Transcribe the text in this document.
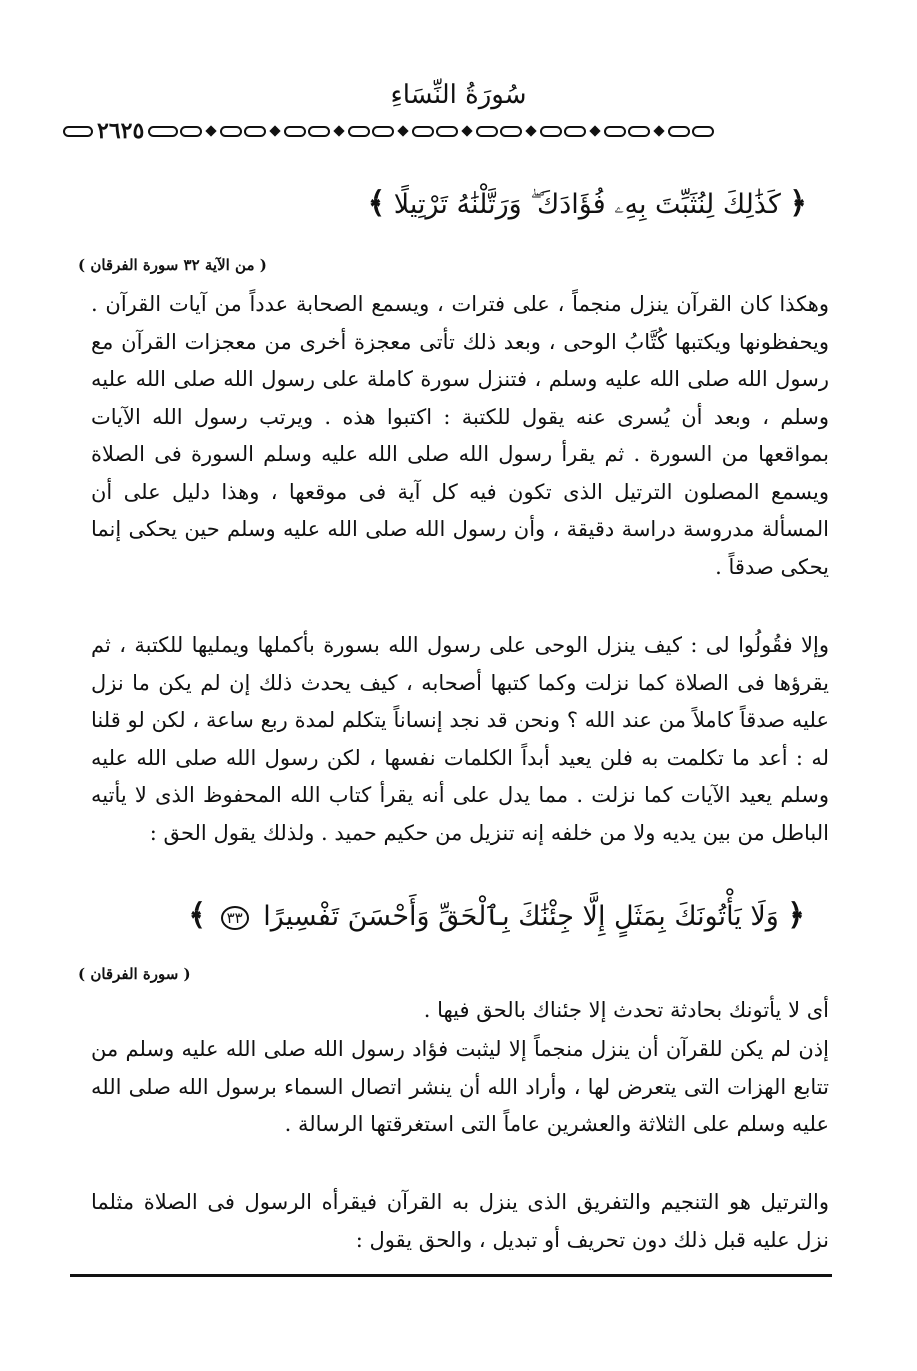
سُورَةُ النِّسَاءِ
٢٦٢٥
﴿ كَذَٰلِكَ لِنُثَبِّتَ بِهِۦ فُؤَادَكَ ۖ وَرَتَّلْنَٰهُ تَرْتِيلًا ﴾
( من الآية ٣٢ سورة الفرقان )

وهكذا كان القرآن ينزل منجماً ، على فترات ، ويسمع الصحابة عدداً من آيات القرآن . ويحفظونها ويكتبها كُتَّابُ الوحى ، وبعد ذلك تأتى معجزة أخرى من معجزات القرآن مع رسول الله صلى الله عليه وسلم ، فتنزل سورة كاملة على رسول الله صلى الله عليه وسلم ، وبعد أن يُسرى عنه يقول للكتبة : اكتبوا هذه . ويرتب رسول الله الآيات بمواقعها من السورة . ثم يقرأ رسول الله صلى الله عليه وسلم السورة فى الصلاة ويسمع المصلون الترتيل الذى تكون فيه كل آية فى موقعها ، وهذا دليل على أن المسألة مدروسة دراسة دقيقة ، وأن رسول الله صلى الله عليه وسلم حين يحكى إنما يحكى صدقاً .

وإلا فقُولُوا لى : كيف ينزل الوحى على رسول الله بسورة بأكملها ويمليها للكتبة ، ثم يقرؤها فى الصلاة كما نزلت وكما كتبها أصحابه ، كيف يحدث ذلك إن لم يكن ما نزل عليه صدقاً كاملاً من عند الله ؟ ونحن قد نجد إنساناً يتكلم لمدة ربع ساعة ، لكن لو قلنا له : أعد ما تكلمت به فلن يعيد أبداً الكلمات نفسها ، لكن رسول الله صلى الله عليه وسلم يعيد الآيات كما نزلت . مما يدل على أنه يقرأ كتاب الله المحفوظ الذى لا يأتيه الباطل من بين يديه ولا من خلفه إنه تنزيل من حكيم حميد . ولذلك يقول الحق :

﴿ وَلَا يَأْتُونَكَ بِمَثَلٍ إِلَّا جِئْنَٰكَ بِٱلْحَقِّ وَأَحْسَنَ تَفْسِيرًا ٣٣ ﴾
( سورة الفرقان )

أى لا يأتونك بحادثة تحدث إلا جئناك بالحق فيها .

إذن لم يكن للقرآن أن ينزل منجماً إلا ليثبت فؤاد رسول الله صلى الله عليه وسلم من تتابع الهزات التى يتعرض لها ، وأراد الله أن ينشر اتصال السماء برسول الله صلى الله عليه وسلم على الثلاثة والعشرين عاماً التى استغرقتها الرسالة .

والترتيل هو التنجيم والتفريق الذى ينزل به القرآن فيقرأه الرسول فى الصلاة مثلما نزل عليه قبل ذلك دون تحريف أو تبديل ، والحق يقول :
